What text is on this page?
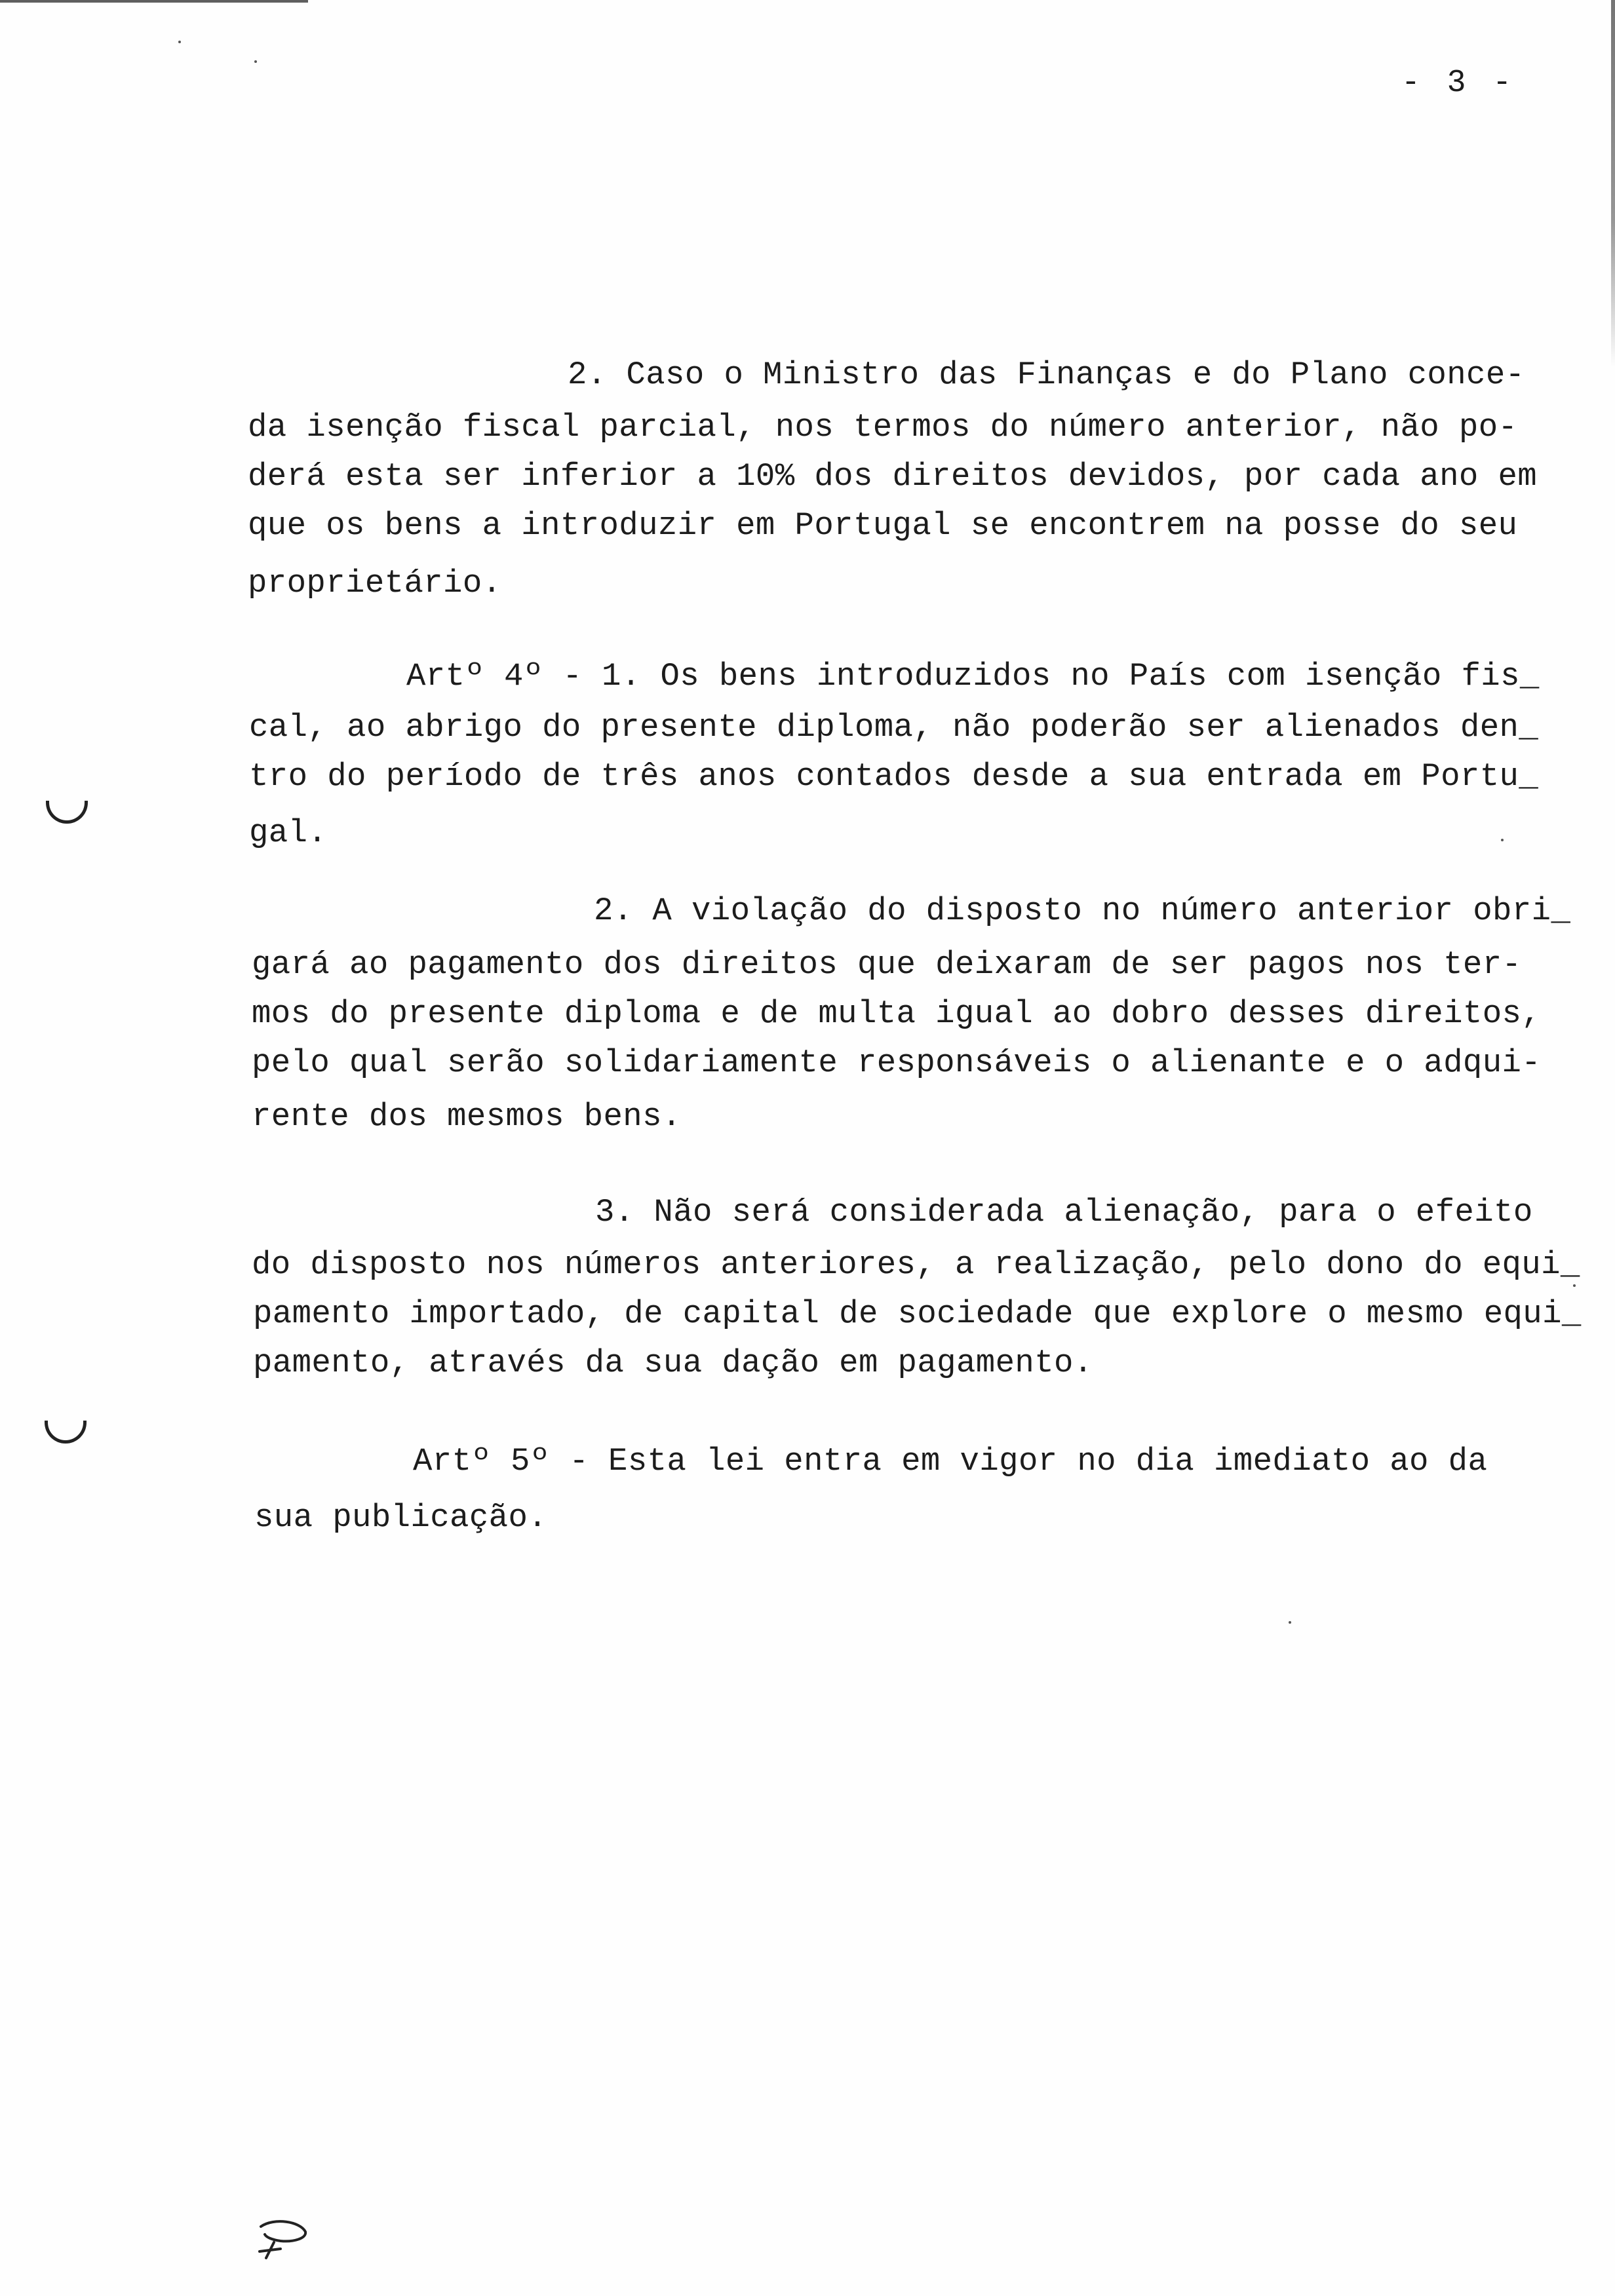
- 3 -
2. Caso o Ministro das Finanças e do Plano conce-
da isenção fiscal parcial, nos termos do número anterior, não po-
derá esta ser inferior a 10% dos direitos devidos, por cada ano em
que os bens a introduzir em Portugal se encontrem na posse do seu
proprietário.
Artº 4º - 1. Os bens introduzidos no País com isenção fis_
cal, ao abrigo do presente diploma, não poderão ser alienados den_
tro do período de três anos contados desde a sua entrada em Portu_
gal.
2. A violação do disposto no número anterior obri_
gará ao pagamento dos direitos que deixaram de ser pagos nos ter-
mos do presente diploma e de multa igual ao dobro desses direitos,
pelo qual serão solidariamente responsáveis o alienante e o adqui-
rente dos mesmos bens.
3. Não será considerada alienação, para o efeito
do disposto nos números anteriores, a realização, pelo dono do equi_
pamento importado, de capital de sociedade que explore o mesmo equi_
pamento, através da sua dação em pagamento.
Artº 5º - Esta lei entra em vigor no dia imediato ao da
sua publicação.
